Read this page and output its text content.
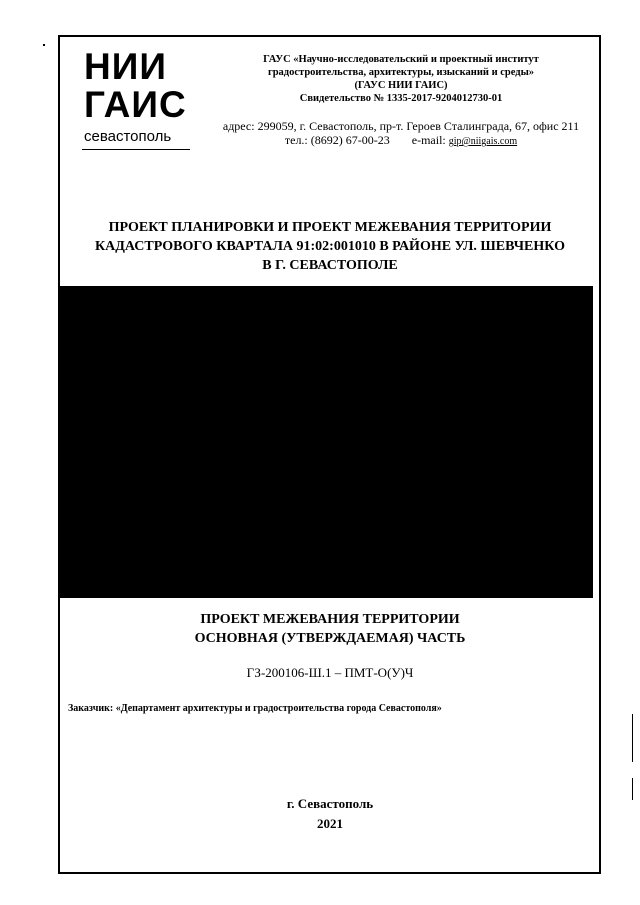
НИИ
ГАИС
севастополь
ГАУС «Научно-исследовательский и проектный институт
градостроительства, архитектуры, изысканий и среды»
(ГАУС НИИ ГАИС)
Свидетельство № 1335-2017-9204012730-01
адрес: 299059, г. Севастополь, пр-т. Героев Сталинграда, 67, офис 211
тел.: (8692) 67-00-23 e-mail: gip@niigais.com
ПРОЕКТ ПЛАНИРОВКИ И ПРОЕКТ МЕЖЕВАНИЯ ТЕРРИТОРИИ
КАДАСТРОВОГО КВАРТАЛА 91:02:001010 В РАЙОНЕ УЛ. ШЕВЧЕНКО
В Г. СЕВАСТОПОЛЕ
ПРОЕКТ МЕЖЕВАНИЯ ТЕРРИТОРИИ
ОСНОВНАЯ (УТВЕРЖДАЕМАЯ) ЧАСТЬ
ГЗ-200106-Ш.1 – ПМТ-О(У)Ч
Заказчик: «Департамент архитектуры и градостроительства города Севастополя»
г. Севастополь
2021
